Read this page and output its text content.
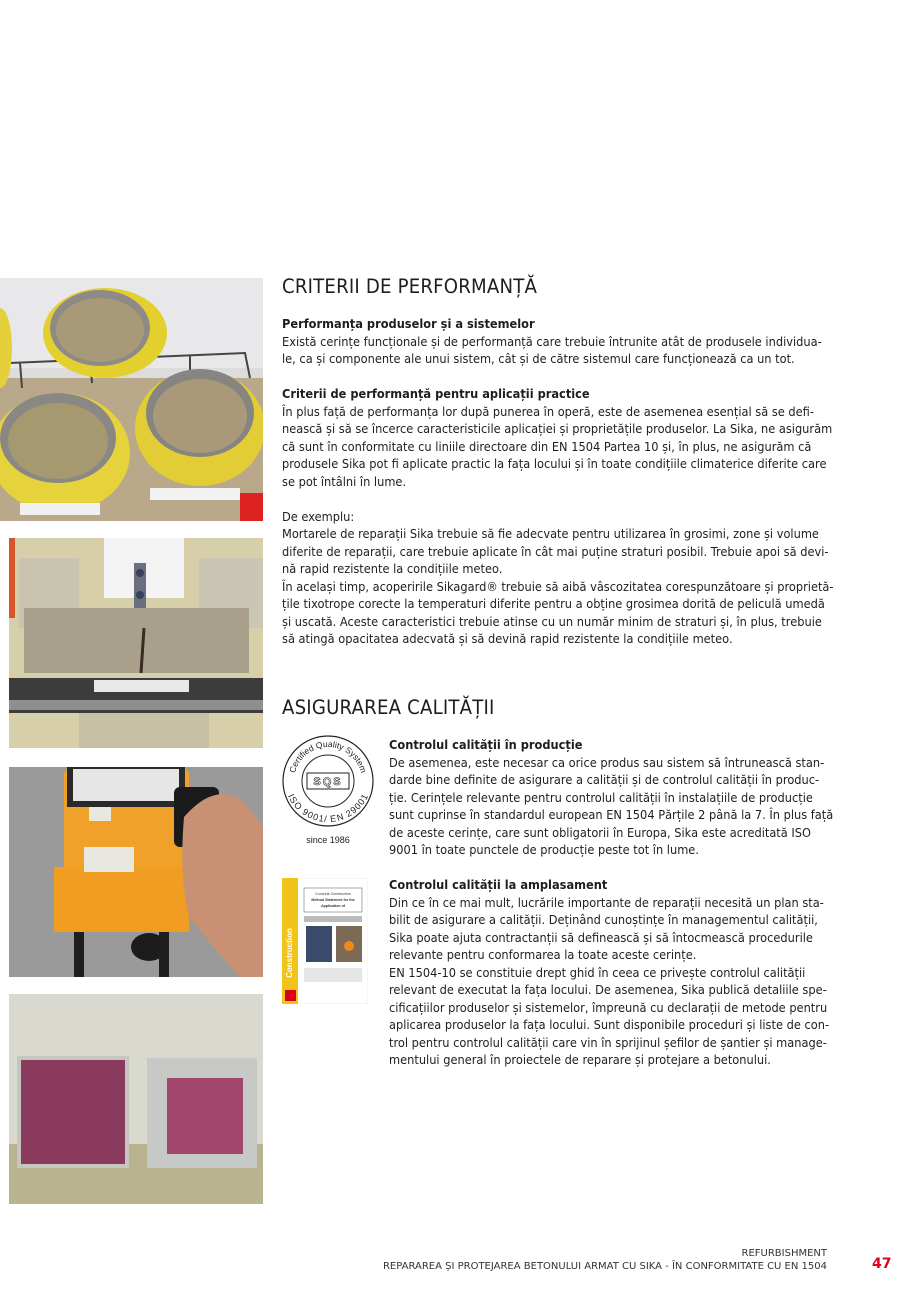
CRITERII DE PERFORMANȚĂ

Performanța produselor și a sistemelor

Există cerințe funcționale și de performanță care trebuie întrunite atât de produsele individua-

le, ca și componente ale unui sistem, cât și de către sistemul care funcționează ca un tot.

Criterii de performanță pentru aplicații practice

În plus față de performanța lor după punerea în operă, este de asemenea esențial să se defi-

nească și să se încerce caracteristicile aplicației și proprietățile produselor. La Sika, ne asigurăm

că sunt în conformitate cu liniile directoare din EN 1504 Partea 10 și, în plus, ne asigurăm că

produsele Sika pot fi aplicate practic la fața locului și în toate condițiile climaterice diferite care

se pot întâlni în lume.

De exemplu:

Mortarele de reparații Sika trebuie să fie adecvate pentru utilizarea în grosimi, zone și volume

diferite de reparații, care trebuie aplicate în cât mai puține straturi posibil. Trebuie apoi să devi-

nă rapid rezistente la condițiile meteo.

În același timp, acoperirile Sikagard® trebuie să aibă vâscozitatea corespunzătoare și proprietă-

țile tixotrope corecte la temperaturi diferite pentru a obține grosimea dorită de peliculă umedă

și uscată. Aceste caracteristici trebuie atinse cu un număr minim de straturi și, în plus, trebuie

să atingă opacitatea adecvată și să devină rapid rezistente la condițiile meteo.

ASIGURAREA CALITĂȚII
Certified Quality System
ISO 9001/ EN 29001
SQS
since 1986

Controlul calității în producție

De asemenea, este necesar ca orice produs sau sistem să întrunească stan-

darde bine definite de asigurare a calității și de controlul calității în produc-

ție. Cerințele relevante pentru controlul calității în instalațiile de producție

sunt cuprinse în standardul european EN 1504 Părțile 2 până la 7. În plus față

de aceste cerințe, care sunt obligatorii în Europa, Sika este acreditată ISO

9001 în toate punctele de producție peste tot în lume.

Construction
Concrete Construction
Method Statement for the
Application of

Controlul calității la amplasament

Din ce în ce mai mult, lucrările importante de reparații necesită un plan sta-

bilit de asigurare a calității. Deținând cunoștințe în managementul calității,

Sika poate ajuta contractanții să definească și să întocmească procedurile

relevante pentru conformarea la toate aceste cerințe.

EN 1504-10 se constituie drept ghid în ceea ce privește controlul calității

relevant de executat la fața locului. De asemenea, Sika publică detaliile spe-

cificațiilor produselor și sistemelor, împreună cu declarații de metode pentru

aplicarea produselor la fața locului. Sunt disponibile proceduri și liste de con-

trol pentru controlul calității care vin în sprijinul șefilor de șantier și manage-

mentului general în proiectele de reparare și protejare a betonului.

REFURBISHMENT
REPARAREA ȘI PROTEJAREA BETONULUI ARMAT CU SIKA - ÎN CONFORMITATE CU EN 1504	47
